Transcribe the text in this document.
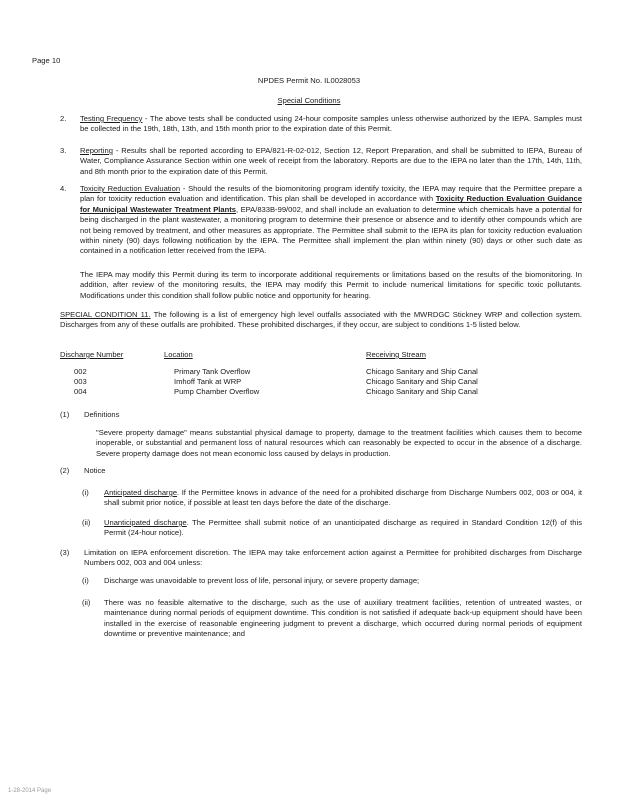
Page 10
NPDES Permit No. IL0028053
Special Conditions
2. Testing Frequency - The above tests shall be conducted using 24-hour composite samples unless otherwise authorized by the IEPA. Samples must be collected in the 19th, 18th, 13th, and 15th month prior to the expiration date of this Permit.

3. Reporting - Results shall be reported according to EPA/821-R-02-012, Section 12, Report Preparation, and shall be submitted to IEPA, Bureau of Water, Compliance Assurance Section within one week of receipt from the laboratory. Reports are due to the IEPA no later than the 17th, 14th, 11th, and 8th month prior to the expiration date of this Permit.

4. Toxicity Reduction Evaluation - Should the results of the biomonitoring program identify toxicity, the IEPA may require that the Permittee prepare a plan for toxicity reduction evaluation and identification. This plan shall be developed in accordance with Toxicity Reduction Evaluation Guidance for Municipal Wastewater Treatment Plants, EPA/833B-99/002, and shall include an evaluation to determine which chemicals have a potential for being discharged in the plant wastewater, a monitoring program to determine their presence or absence and to identify other compounds which are not being removed by treatment, and other measures as appropriate. The Permittee shall submit to the IEPA its plan for toxicity reduction evaluation within ninety (90) days following notification by the IEPA. The Permittee shall implement the plan within ninety (90) days or other such date as contained in a notification letter received from the IEPA.

The IEPA may modify this Permit during its term to incorporate additional requirements or limitations based on the results of the biomonitoring. In addition, after review of the monitoring results, the IEPA may modify this Permit to include numerical limitations for specific toxic pollutants. Modifications under this condition shall follow public notice and opportunity for hearing.

SPECIAL CONDITION 11. The following is a list of emergency high level outfalls associated with the MWRDGC Stickney WRP and collection system. Discharges from any of these outfalls are prohibited. These prohibited discharges, if they occur, are subject to conditions 1-5 listed below.

Discharge Number	Location	Receiving Stream
002	Primary Tank Overflow	Chicago Sanitary and Ship Canal
003	Imhoff Tank at WRP	Chicago Sanitary and Ship Canal
004	Pump Chamber Overflow	Chicago Sanitary and Ship Canal
(1) Definitions

"Severe property damage" means substantial physical damage to property, damage to the treatment facilities which causes them to become inoperable, or substantial and permanent loss of natural resources which can reasonably be expected to occur in the absence of a discharge. Severe property damage does not mean economic loss caused by delays in production.

(2) Notice
(i) Anticipated discharge. If the Permittee knows in advance of the need for a prohibited discharge from Discharge Numbers 002, 003 or 004, it shall submit prior notice, if possible at least ten days before the date of the discharge.

(ii) Unanticipated discharge. The Permittee shall submit notice of an unanticipated discharge as required in Standard Condition 12(f) of this Permit (24-hour notice).

(3) Limitation on IEPA enforcement discretion. The IEPA may take enforcement action against a Permittee for prohibited discharges from Discharge Numbers 002, 003 and 004 unless:

(i) Discharge was unavoidable to prevent loss of life, personal injury, or severe property damage;

(ii) There was no feasible alternative to the discharge, such as the use of auxiliary treatment facilities, retention of untreated wastes, or maintenance during normal periods of equipment downtime. This condition is not satisfied if adequate back-up equipment should have been installed in the exercise of reasonable engineering judgment to prevent a discharge, which occurred during normal periods of equipment downtime or preventive maintenance; and

1-28-2014 Page
